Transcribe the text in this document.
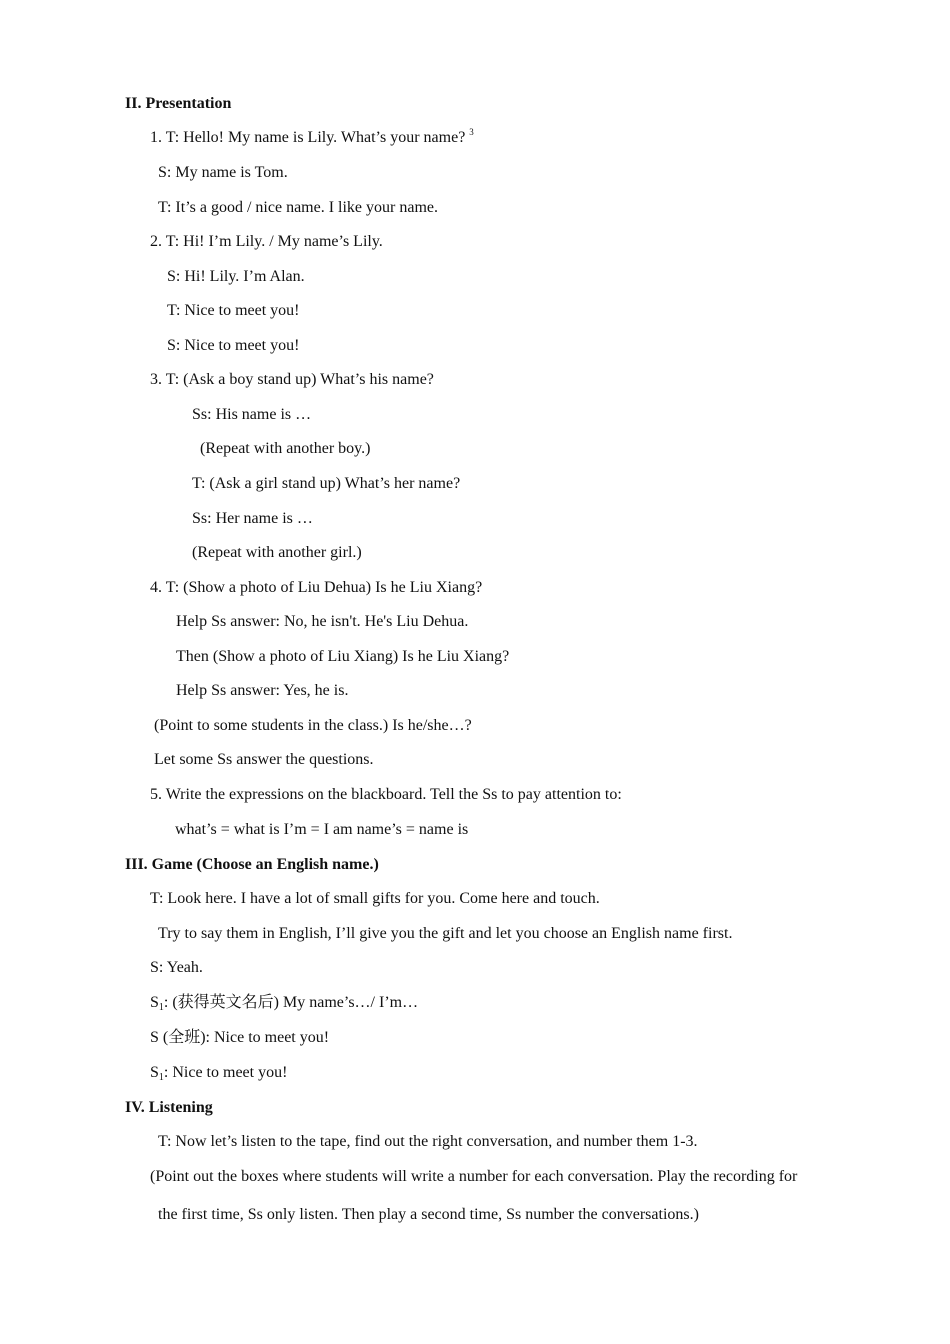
II. Presentation
1. T: Hello! My name is Lily. What’s your name? $^3$
S: My name is Tom.
T: It’s a good / nice name. I like your name.
2. T: Hi! I’m Lily. / My name’s Lily.
S: Hi! Lily. I’m Alan.
T: Nice to meet you!
S: Nice to meet you!
3. T: (Ask a boy stand up) What’s his name?
Ss: His name is …
(Repeat with another boy.)
T: (Ask a girl stand up) What’s her name?
Ss: Her name is …
(Repeat with another girl.)
4. T: (Show a photo of Liu Dehua) Is he Liu Xiang?
Help Ss answer: No, he isn't. He's Liu Dehua.
Then (Show a photo of Liu Xiang) Is he Liu Xiang?
Help Ss answer: Yes, he is.
(Point to some students in the class.) Is he/she…?
Let some Ss answer the questions.
5. Write the expressions on the blackboard. Tell the Ss to pay attention to:
what’s = what is I’m = I am name’s = name is
III. Game (Choose an English name.)
T: Look here. I have a lot of small gifts for you. Come here and touch.
Try to say them in English, I’ll give you the gift and let you choose an English name first.
S: Yeah.
$S_1$: (获得英文名后) My name’s…/ I’m…
S (全班): Nice to meet you!
$S_1$: Nice to meet you!
IV. Listening
T: Now let’s listen to the tape, find out the right conversation, and number them 1-3.
(Point out the boxes where students will write a number for each conversation. Play the recording for
the first time, Ss only listen. Then play a second time, Ss number the conversations.)
